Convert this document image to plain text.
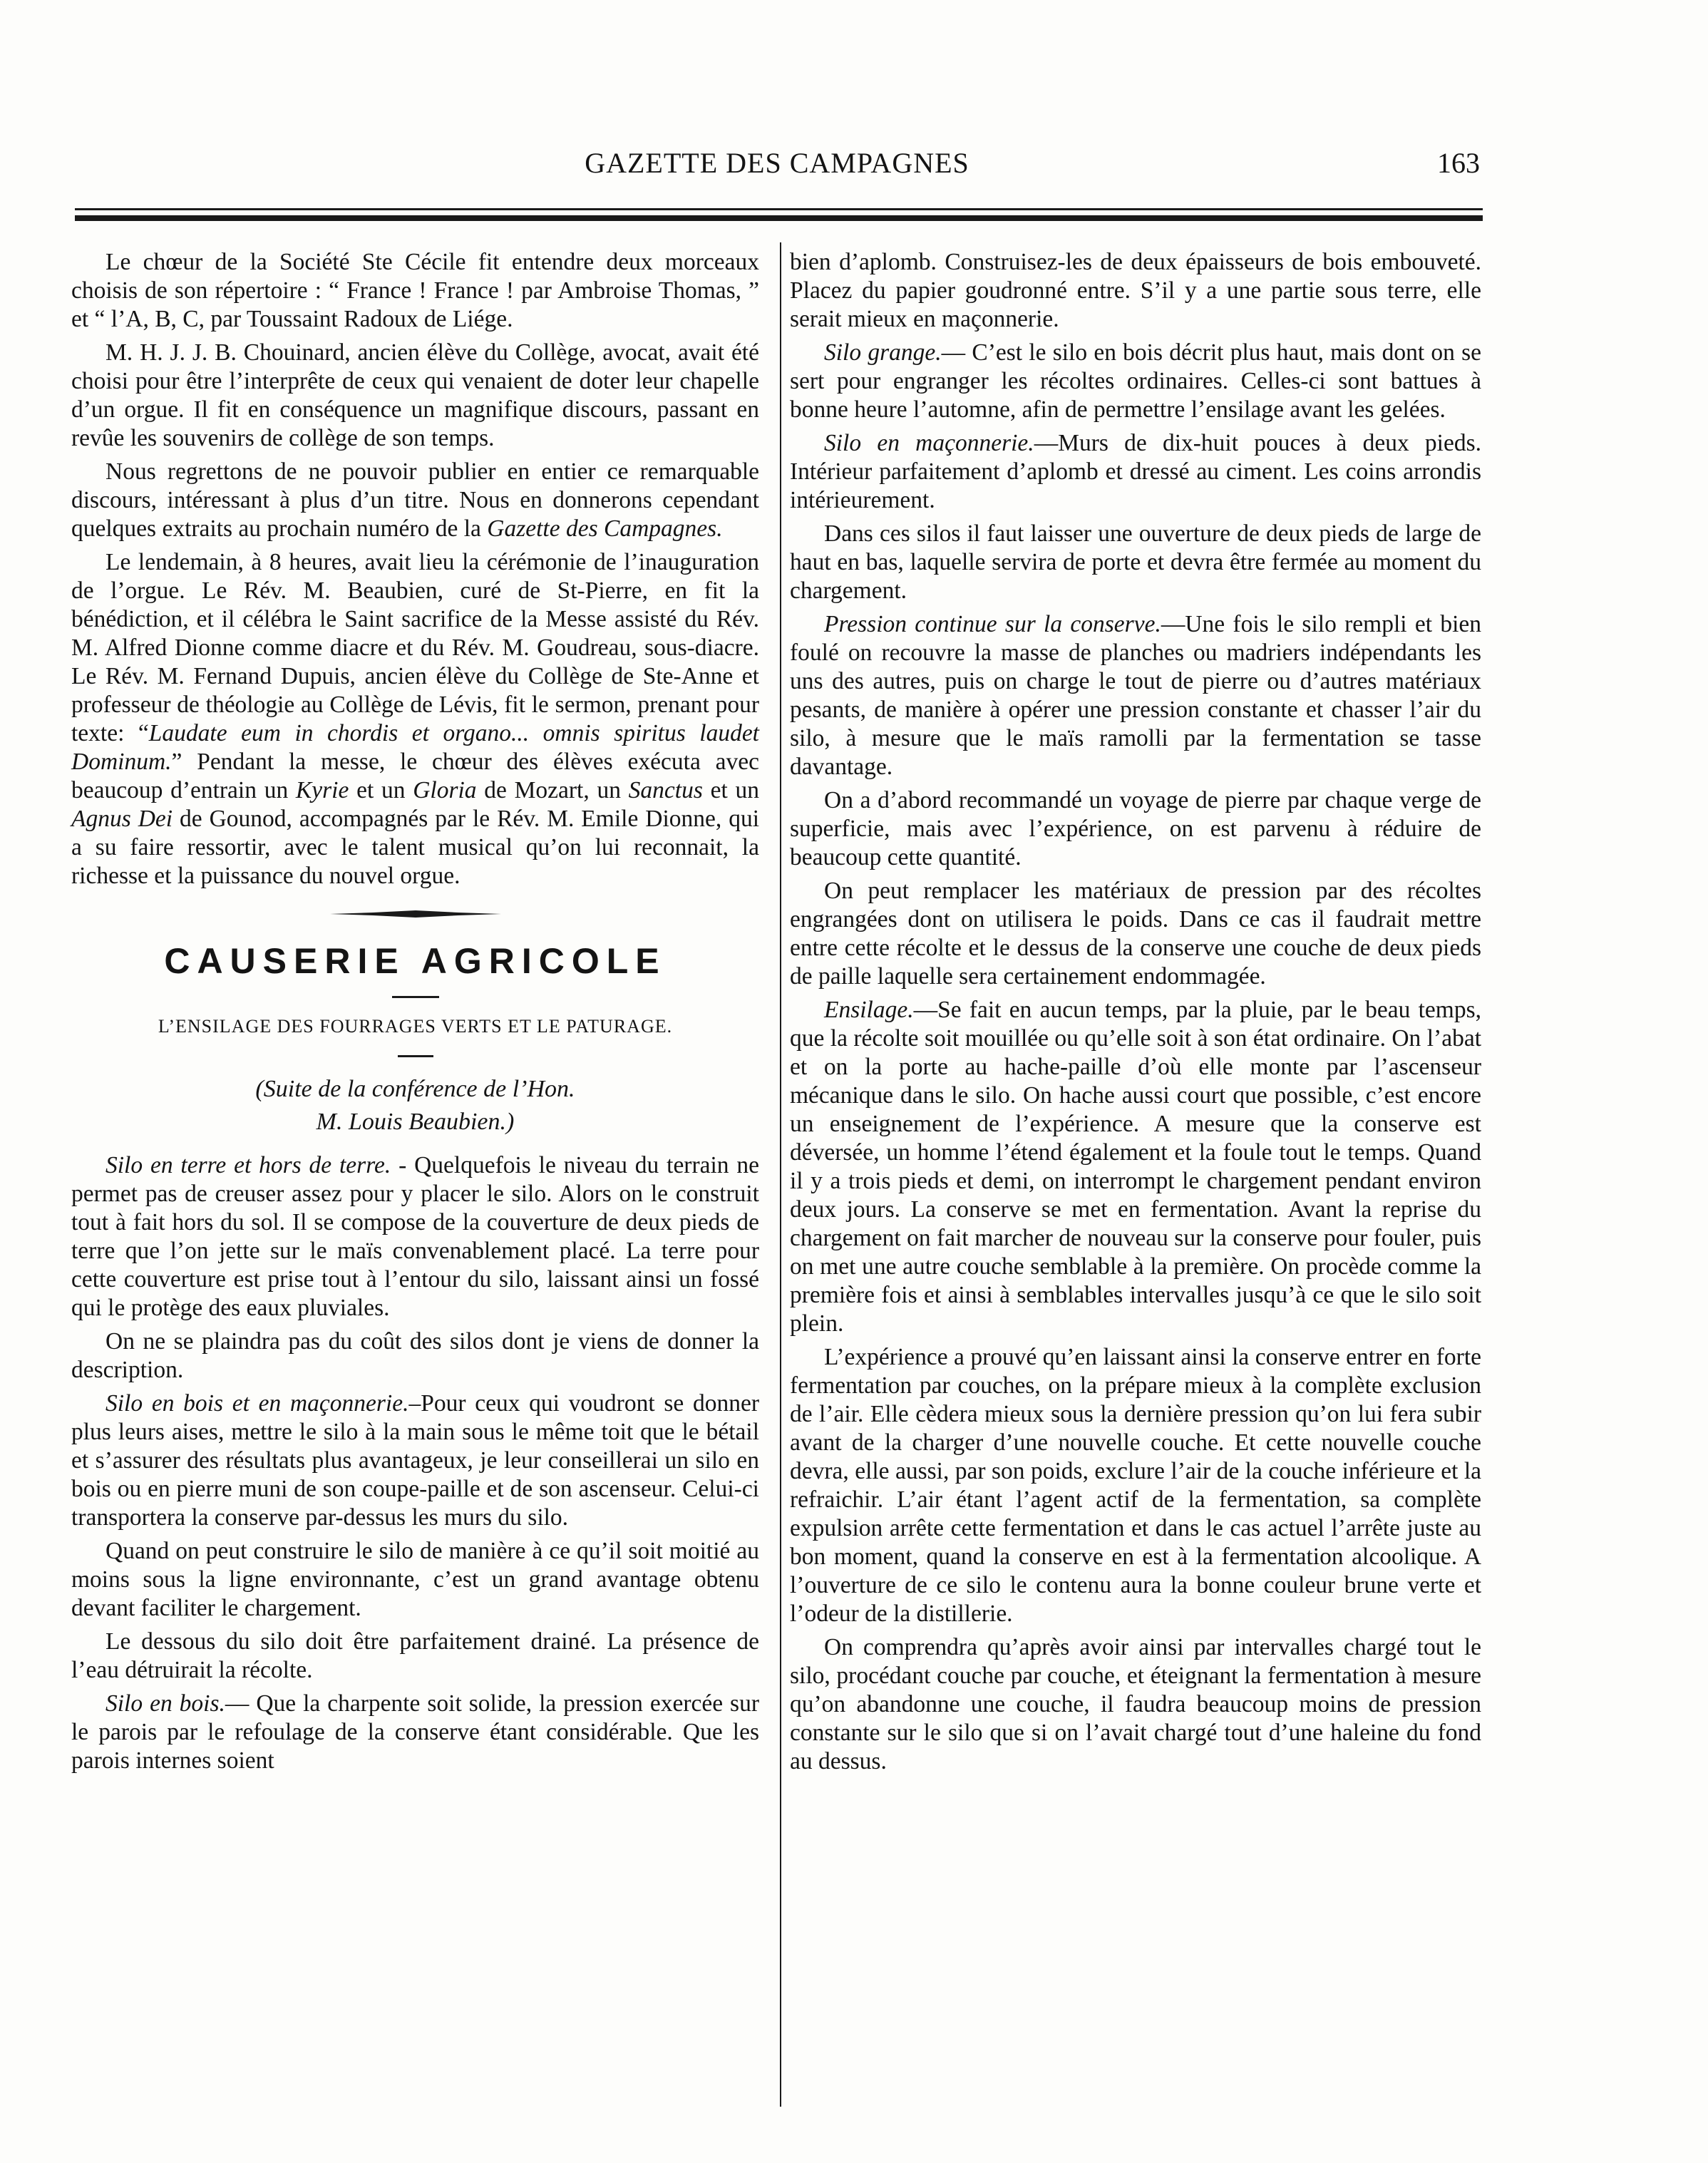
GAZETTE DES CAMPAGNES	163

Le chœur de la Société Ste Cécile fit entendre deux morceaux choisis de son répertoire : “ France ! France ! par Ambroise Thomas, ” et “ l’A, B, C, par Toussaint Radoux de Liége.

M. H. J. J. B. Chouinard, ancien élève du Collège, avocat, avait été choisi pour être l’interprête de ceux qui venaient de doter leur chapelle d’un orgue. Il fit en conséquence un magnifique discours, passant en revûe les souvenirs de collège de son temps.

Nous regrettons de ne pouvoir publier en entier ce remarquable discours, intéressant à plus d’un titre. Nous en donnerons cependant quelques extraits au prochain numéro de la Gazette des Campagnes.

Le lendemain, à 8 heures, avait lieu la cérémonie de l’inauguration de l’orgue. Le Rév. M. Beaubien, curé de St-Pierre, en fit la bénédiction, et il célébra le Saint sacrifice de la Messe assisté du Rév. M. Alfred Dionne comme diacre et du Rév. M. Goudreau, sous-diacre. Le Rév. M. Fernand Dupuis, ancien élève du Collège de Ste-Anne et professeur de théologie au Collège de Lévis, fit le sermon, prenant pour texte: “Laudate eum in chordis et organo... omnis spiritus laudet Dominum.” Pendant la messe, le chœur des élèves exécuta avec beaucoup d’entrain un Kyrie et un Gloria de Mozart, un Sanctus et un Agnus Dei de Gounod, accompagnés par le Rév. M. Emile Dionne, qui a su faire ressortir, avec le talent musical qu’on lui reconnait, la richesse et la puissance du nouvel orgue.

CAUSERIE AGRICOLE
L’ENSILAGE DES FOURRAGES VERTS ET LE PATURAGE.
(Suite de la conférence de l’Hon.
M. Louis Beaubien.)

Silo en terre et hors de terre. - Quelquefois le niveau du terrain ne permet pas de creuser assez pour y placer le silo. Alors on le construit tout à fait hors du sol. Il se compose de la couverture de deux pieds de terre que l’on jette sur le maïs convenablement placé. La terre pour cette couverture est prise tout à l’entour du silo, laissant ainsi un fossé qui le protège des eaux pluviales.

On ne se plaindra pas du coût des silos dont je viens de donner la description.

Silo en bois et en maçonnerie.–Pour ceux qui voudront se donner plus leurs aises, mettre le silo à la main sous le même toit que le bétail et s’assurer des résultats plus avantageux, je leur conseillerai un silo en bois ou en pierre muni de son coupe-paille et de son ascenseur. Celui-ci transportera la conserve par-dessus les murs du silo.

Quand on peut construire le silo de manière à ce qu’il soit moitié au moins sous la ligne environnante, c’est un grand avantage obtenu devant faciliter le chargement.

Le dessous du silo doit être parfaitement drainé. La présence de l’eau détruirait la récolte.

Silo en bois.— Que la charpente soit solide, la pression exercée sur le parois par le refoulage de la conserve étant considérable. Que les parois internes soient

bien d’aplomb. Construisez-les de deux épaisseurs de bois embouveté. Placez du papier goudronné entre. S’il y a une partie sous terre, elle serait mieux en maçonnerie.

Silo grange.— C’est le silo en bois décrit plus haut, mais dont on se sert pour engranger les récoltes ordinaires. Celles-ci sont battues à bonne heure l’automne, afin de permettre l’ensilage avant les gelées.

Silo en maçonnerie.—Murs de dix-huit pouces à deux pieds. Intérieur parfaitement d’aplomb et dressé au ciment. Les coins arrondis intérieurement.

Dans ces silos il faut laisser une ouverture de deux pieds de large de haut en bas, laquelle servira de porte et devra être fermée au moment du chargement.

Pression continue sur la conserve.—Une fois le silo rempli et bien foulé on recouvre la masse de planches ou madriers indépendants les uns des autres, puis on charge le tout de pierre ou d’autres matériaux pesants, de manière à opérer une pression constante et chasser l’air du silo, à mesure que le maïs ramolli par la fermentation se tasse davantage.

On a d’abord recommandé un voyage de pierre par chaque verge de superficie, mais avec l’expérience, on est parvenu à réduire de beaucoup cette quantité.

On peut remplacer les matériaux de pression par des récoltes engrangées dont on utilisera le poids. Dans ce cas il faudrait mettre entre cette récolte et le dessus de la conserve une couche de deux pieds de paille laquelle sera certainement endommagée.

Ensilage.—Se fait en aucun temps, par la pluie, par le beau temps, que la récolte soit mouillée ou qu’elle soit à son état ordinaire. On l’abat et on la porte au hache-paille d’où elle monte par l’ascenseur mécanique dans le silo. On hache aussi court que possible, c’est encore un enseignement de l’expérience. A mesure que la conserve est déversée, un homme l’étend également et la foule tout le temps. Quand il y a trois pieds et demi, on interrompt le chargement pendant environ deux jours. La conserve se met en fermentation. Avant la reprise du chargement on fait marcher de nouveau sur la conserve pour fouler, puis on met une autre couche semblable à la première. On procède comme la première fois et ainsi à semblables intervalles jusqu’à ce que le silo soit plein.

L’expérience a prouvé qu’en laissant ainsi la conserve entrer en forte fermentation par couches, on la prépare mieux à la complète exclusion de l’air. Elle cèdera mieux sous la dernière pression qu’on lui fera subir avant de la charger d’une nouvelle couche. Et cette nouvelle couche devra, elle aussi, par son poids, exclure l’air de la couche inférieure et la refraichir. L’air étant l’agent actif de la fermentation, sa complète expulsion arrête cette fermentation et dans le cas actuel l’arrête juste au bon moment, quand la conserve en est à la fermentation alcoolique. A l’ouverture de ce silo le contenu aura la bonne couleur brune verte et l’odeur de la distillerie.

On comprendra qu’après avoir ainsi par intervalles chargé tout le silo, procédant couche par couche, et éteignant la fermentation à mesure qu’on abandonne une couche, il faudra beaucoup moins de pression constante sur le silo que si on l’avait chargé tout d’une haleine du fond au dessus.
